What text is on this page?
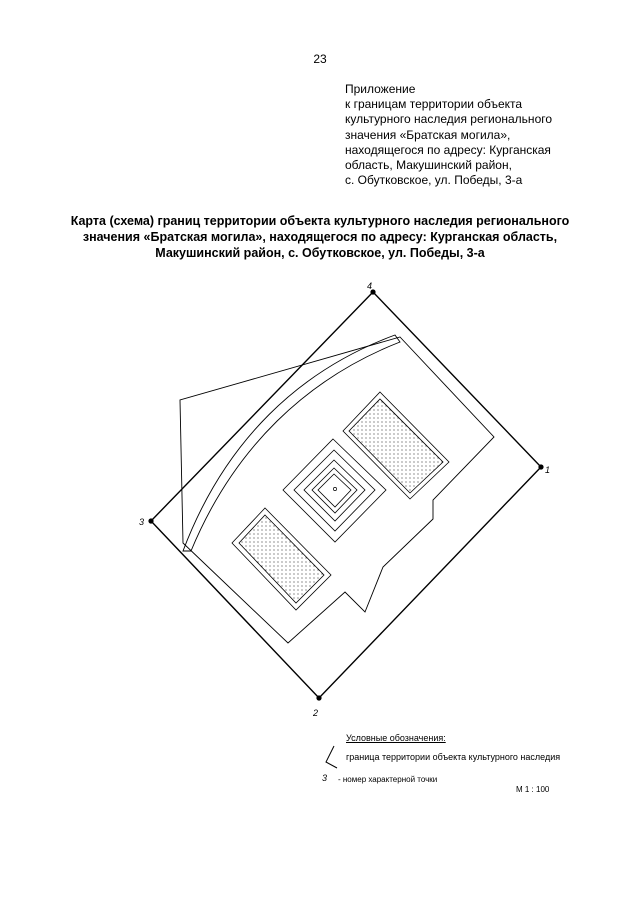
23
Приложение
к границам территории объекта
культурного наследия регионального
значения «Братская могила»,
находящегося по адресу: Курганская
область, Макушинский район,
с. Обутковское, ул. Победы, 3-а
Карта (схема) границ территории объекта культурного наследия регионального
значения «Братская могила», находящегося по адресу: Курганская область,
Макушинский район, с. Обутковское, ул. Победы, 3-а
1
2
3
4
Условные обозначения:
граница территории объекта культурного наследия
3 - номер характерной точки
М 1 : 100
